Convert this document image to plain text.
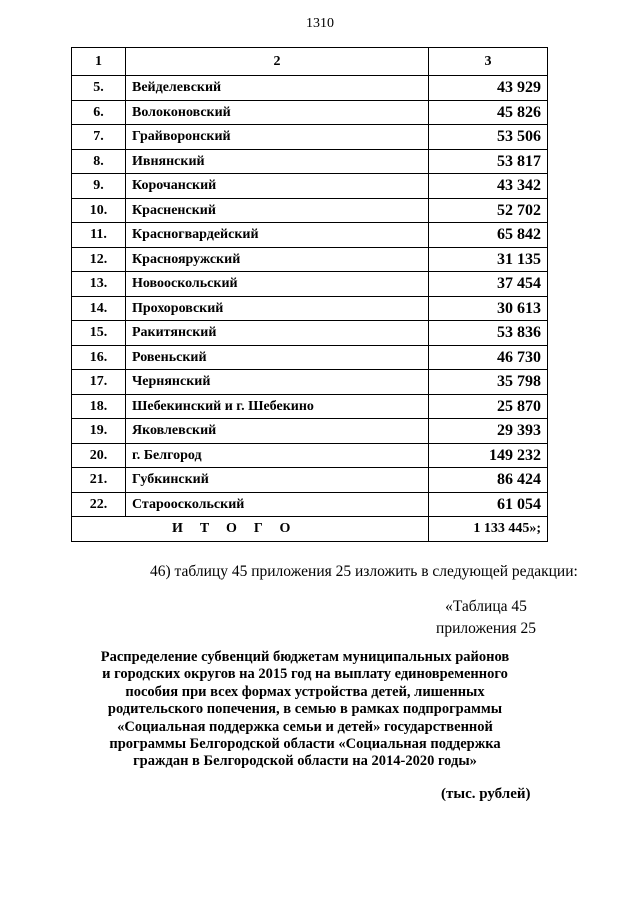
1310
1	2	3
5.	Вейделевский	43 929
6.	Волоконовский	45 826
7.	Грайворонский	53 506
8.	Ивнянский	53 817
9.	Корочанский	43 342
10.	Красненский	52 702
11.	Красногвардейский	65 842
12.	Краснояружский	31 135
13.	Новооскольский	37 454
14.	Прохоровский	30 613
15.	Ракитянский	53 836
16.	Ровеньский	46 730
17.	Чернянский	35 798
18.	Шебекинский и г. Шебекино	25 870
19.	Яковлевский	29 393
20.	г. Белгород	149 232
21.	Губкинский	86 424
22.	Старооскольский	61 054
ИТОГО		1 133 445»;
46) таблицу 45 приложения 25 изложить в следующей редакции:
«Таблица 45
приложения 25
Распределение субвенций бюджетам муниципальных районов
и городских округов на 2015 год на выплату единовременного
пособия при всех формах устройства детей, лишенных
родительского попечения, в семью в рамках подпрограммы
«Социальная поддержка семьи и детей» государственной
программы Белгородской области «Социальная поддержка
граждан в Белгородской области на 2014-2020 годы»
(тыс. рублей)
